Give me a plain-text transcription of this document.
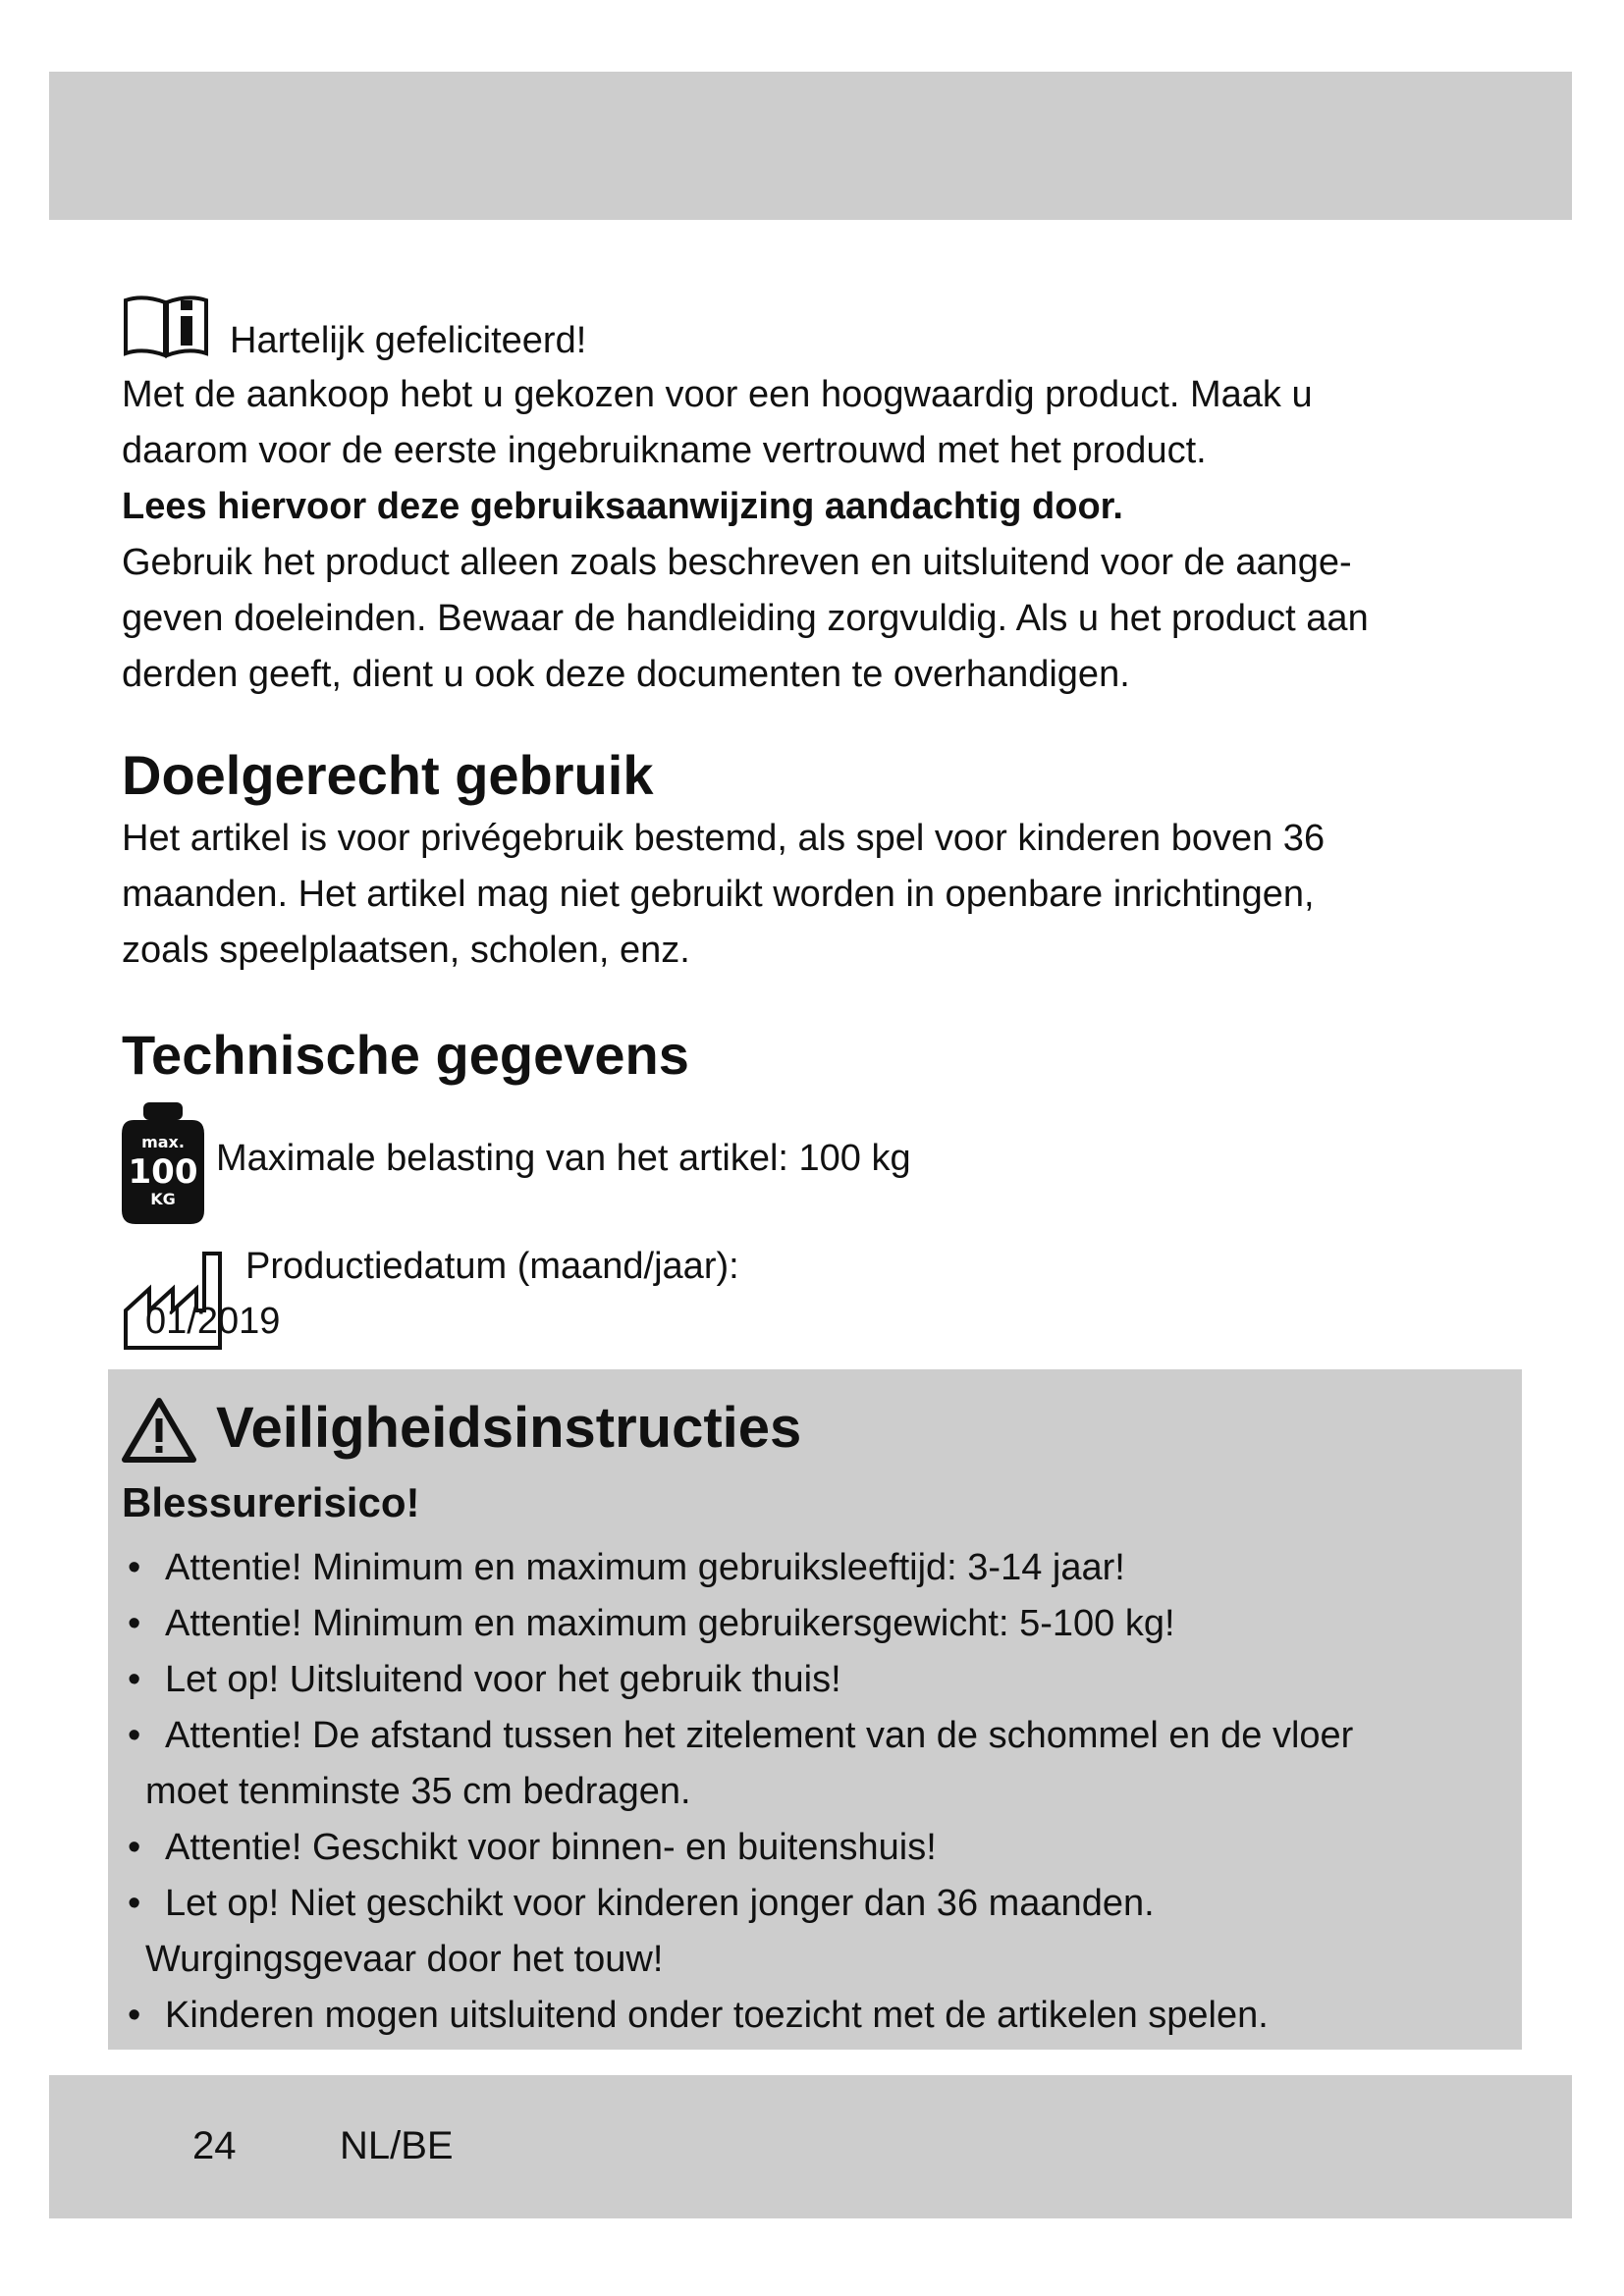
Hartelijk gefeliciteerd!

Met de aankoop hebt u gekozen voor een hoogwaardig product. Maak u

daarom voor de eerste ingebruikname vertrouwd met het product.

Lees hiervoor deze gebruiksaanwijzing aandachtig door.

Gebruik het product alleen zoals beschreven en uitsluitend voor de aange-

geven doeleinden. Bewaar de handleiding zorgvuldig. Als u het product aan

derden geeft, dient u ook deze documenten te overhandigen.

Doelgerecht gebruik

Het artikel is voor privégebruik bestemd, als spel voor kinderen boven 36

maanden. Het artikel mag niet gebruikt worden in openbare inrichtingen,

zoals speelplaatsen, scholen, enz.

Technische gegevens
max.
100
KG
Maximale belasting van het artikel: 100 kg
Productiedatum (maand/jaar):
01/2019
Veiligheidsinstructies
Blessurerisico!
• Attentie! Minimum en maximum gebruiksleeftijd: 3-14 jaar!
• Attentie! Minimum en maximum gebruikersgewicht: 5-100 kg!
• Let op! Uitsluitend voor het gebruik thuis!
• Attentie! De afstand tussen het zitelement van de schommel en de vloer
moet tenminste 35 cm bedragen.
• Attentie! Geschikt voor binnen- en buitenshuis!
• Let op! Niet geschikt voor kinderen jonger dan 36 maanden.
Wurgingsgevaar door het touw!
• Kinderen mogen uitsluitend onder toezicht met de artikelen spelen.
24	NL/BE
